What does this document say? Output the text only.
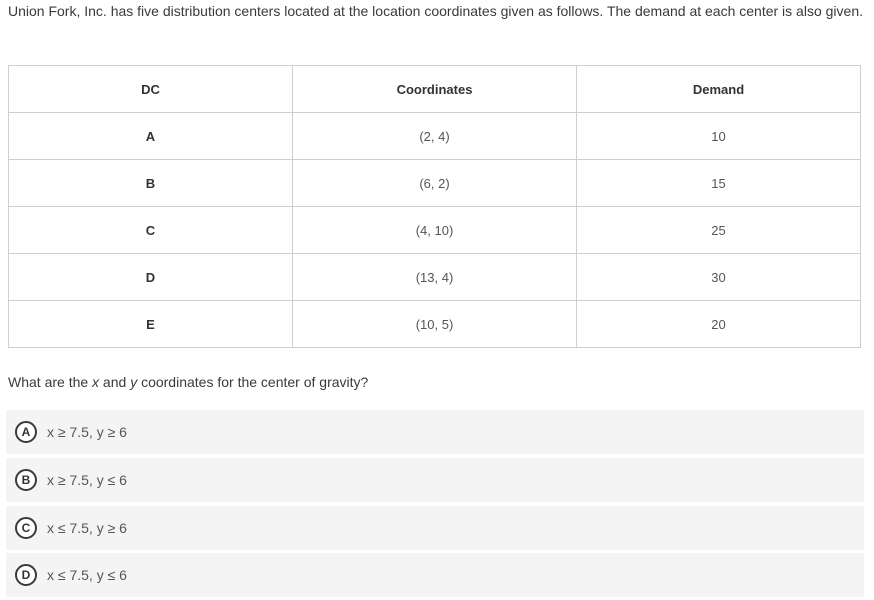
Union Fork, Inc. has five distribution centers located at the location coordinates given as follows. The demand at each center is also given.
DC	Coordinates	Demand
A	(2, 4)	10
B	(6, 2)	15
C	(4, 10)	25
D	(13, 4)	30
E	(10, 5)	20
What are the x and y coordinates for the center of gravity?
A	x ≥ 7.5, y ≥ 6
B	x ≥ 7.5, y ≤ 6
C	x ≤ 7.5, y ≥ 6
D	x ≤ 7.5, y ≤ 6
